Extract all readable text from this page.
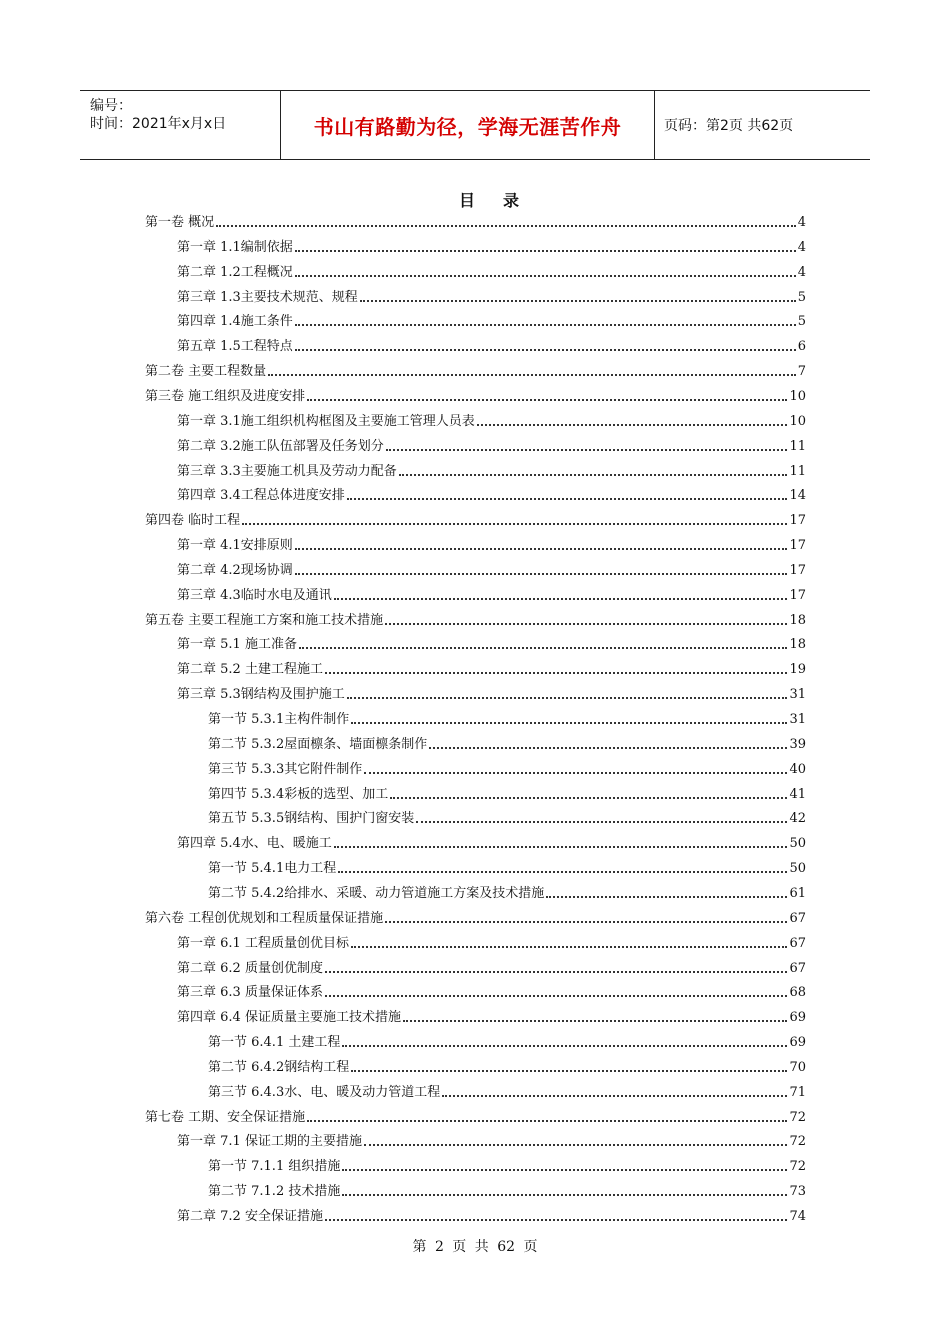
编号：
时间：2021年x月x日	书山有路勤为径，学海无涯苦作舟	页码：第2页 共62页
目录
第一卷 概况	4
第一章 1.1编制依据	4
第二章 1.2工程概况	4
第三章 1.3主要技术规范、规程	5
第四章 1.4施工条件	5
第五章 1.5工程特点	6
第二卷 主要工程数量	7
第三卷 施工组织及进度安排	10
第一章 3.1施工组织机构框图及主要施工管理人员表	10
第二章 3.2施工队伍部署及任务划分	11
第三章 3.3主要施工机具及劳动力配备	11
第四章 3.4工程总体进度安排	14
第四卷 临时工程	17
第一章 4.1安排原则	17
第二章 4.2现场协调	17
第三章 4.3临时水电及通讯	17
第五卷 主要工程施工方案和施工技术措施	18
第一章 5.1 施工准备	18
第二章 5.2 土建工程施工	19
第三章 5.3钢结构及围护施工	31
第一节 5.3.1主构件制作	31
第二节 5.3.2屋面檩条、墙面檩条制作	39
第三节 5.3.3其它附件制作	40
第四节 5.3.4彩板的选型、加工	41
第五节 5.3.5钢结构、围护门窗安装	42
第四章 5.4水、电、暖施工	50
第一节 5.4.1电力工程	50
第二节 5.4.2给排水、采暖、动力管道施工方案及技术措施	61
第六卷 工程创优规划和工程质量保证措施	67
第一章 6.1 工程质量创优目标	67
第二章 6.2 质量创优制度	67
第三章 6.3 质量保证体系	68
第四章 6.4 保证质量主要施工技术措施	69
第一节 6.4.1 土建工程	69
第二节 6.4.2钢结构工程	70
第三节 6.4.3水、电、暖及动力管道工程	71
第七卷 工期、安全保证措施	72
第一章 7.1 保证工期的主要措施	72
第一节 7.1.1 组织措施	72
第二节 7.1.2 技术措施	73
第二章 7.2 安全保证措施	74
第 2 页 共 62 页
